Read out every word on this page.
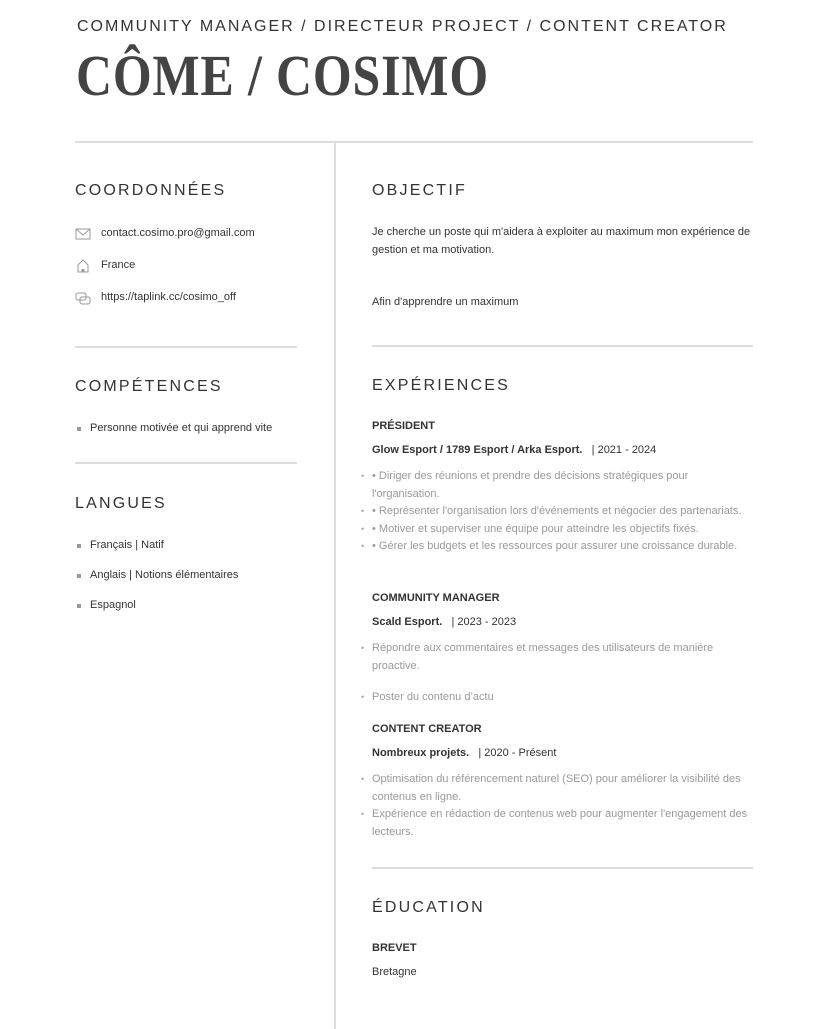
COMMUNITY MANAGER / DIRECTEUR PROJECT / CONTENT CREATOR
CÔME / COSIMO
COORDONNÉES
contact.cosimo.pro@gmail.com
France
https://taplink.cc/cosimo_off
COMPÉTENCES
Personne motivée et qui apprend vite
LANGUES
Français | Natif
Anglais | Notions élémentaires
Espagnol
OBJECTIF
Je cherche un poste qui m'aidera à exploiter au maximum mon expérience de gestion et ma motivation.
Afin d'apprendre un maximum
EXPÉRIENCES
PRÉSIDENT
Glow Esport / 1789 Esport / Arka Esport. | 2021 - 2024
• • Diriger des réunions et prendre des décisions stratégiques pour l'organisation.
• • Représenter l'organisation lors d'événements et négocier des partenariats.
• • Motiver et superviser une équipe pour atteindre les objectifs fixés.
• • Gérer les budgets et les ressources pour assurer une croissance durable.
COMMUNITY MANAGER
Scald Esport. | 2023 - 2023
• Répondre aux commentaires et messages des utilisateurs de manière proactive.
• Poster du contenu d’actu
CONTENT CREATOR
Nombreux projets. | 2020 - Présent
• Optimisation du référencement naturel (SEO) pour améliorer la visibilité des contenus en ligne.
• Expérience en rédaction de contenus web pour augmenter l'engagement des lecteurs.
ÉDUCATION
BREVET
Bretagne
